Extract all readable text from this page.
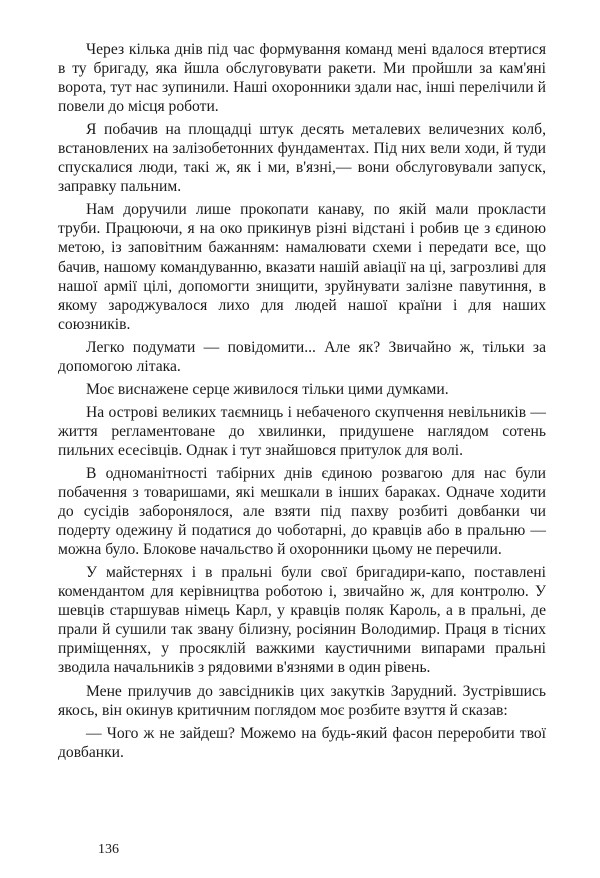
Через кілька днів під час формування команд мені вдалося втертися в ту бригаду, яка йшла обслуговувати ракети. Ми пройшли за кам'яні ворота, тут нас зупинили. Наші охоронники здали нас, інші перелічили й повели до місця роботи.

Я побачив на площадці штук десять металевих величезних колб, встановлених на залізобетонних фундаментах. Під них вели ходи, й туди спускалися люди, такі ж, як і ми, в'язні,— вони обслуговували запуск, заправку пальним.

Нам доручили лише прокопати канаву, по якій мали прокласти труби. Працюючи, я на око прикинув різні відстані і робив це з єдиною метою, із заповітним бажанням: намалювати схеми і передати все, що бачив, нашому командуванню, вказати нашій авіації на ці, загрозливі для нашої армії цілі, допомогти знищити, зруйнувати залізне павутиння, в якому зароджувалося лихо для людей нашої країни і для наших союзників.

Легко подумати — повідомити... Але як? Звичайно ж, тільки за допомогою літака.

Моє виснажене серце живилося тільки цими думками.

На острові великих таємниць і небаченого скупчення невільників — життя регламентоване до хвилинки, придушене наглядом сотень пильних есесівців. Однак і тут знайшовся притулок для волі.

В одноманітності табірних днів єдиною розвагою для нас були побачення з товаришами, які мешкали в інших бараках. Одначе ходити до сусідів заборонялося, але взяти під пахву розбиті довбанки чи подерту одежину й податися до чоботарні, до кравців або в пральню — можна було. Блокове начальство й охоронники цьому не перечили.

У майстернях і в пральні були свої бригадири-капо, поставлені комендантом для керівництва роботою і, звичайно ж, для контролю. У шевців старшував німець Карл, у кравців поляк Кароль, а в пральні, де прали й сушили так звану білизну, росіянин Володимир. Праця в тісних приміщеннях, у просяклій важкими каустичними випарами пральні зводила начальників з рядовими в'язнями в один рівень.

Мене прилучив до завсідників цих закутків Зарудний. Зустрівшись якось, він окинув критичним поглядом моє розбите взуття й сказав:

— Чого ж не зайдеш? Можемо на будь-який фасон переробити твої довбанки.

136
